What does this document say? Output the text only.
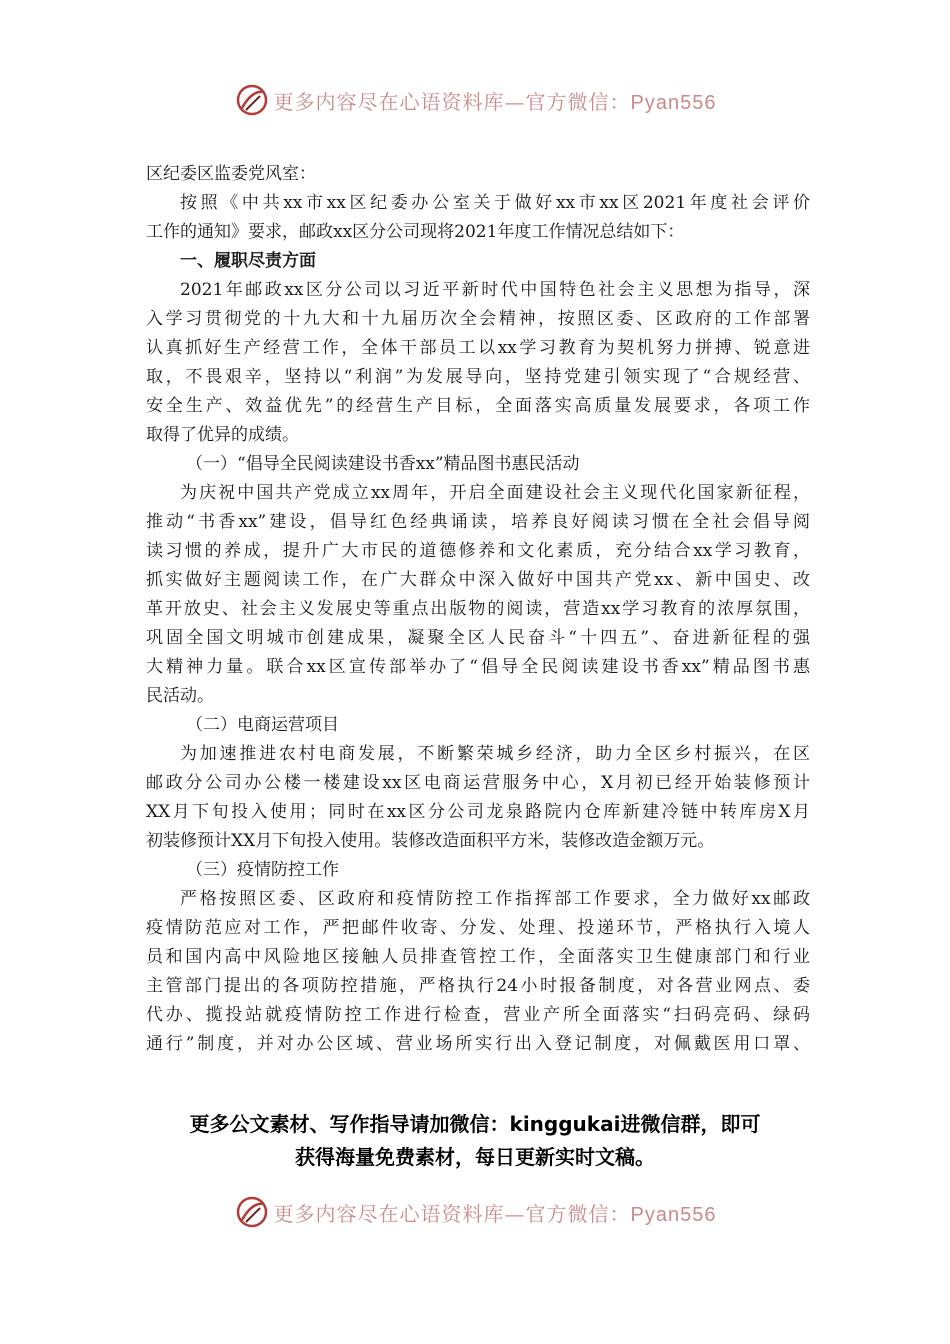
更多内容尽在心语资料库—官方微信：Pyan556
区纪委区监委党风室：
按照《中共xx市xx区纪委办公室关于做好xx市xx区2021年度社会评价
工作的通知》要求，邮政xx区分公司现将2021年度工作情况总结如下：
一、履职尽责方面
2021年邮政xx区分公司以习近平新时代中国特色社会主义思想为指导，深
入学习贯彻党的十九大和十九届历次全会精神，按照区委、区政府的工作部署
认真抓好生产经营工作，全体干部员工以xx学习教育为契机努力拼搏、锐意进
取，不畏艰辛，坚持以“利润”为发展导向，坚持党建引领实现了“合规经营、
安全生产、效益优先”的经营生产目标，全面落实高质量发展要求，各项工作
取得了优异的成绩。
（一）“倡导全民阅读建设书香xx”精品图书惠民活动
为庆祝中国共产党成立xx周年，开启全面建设社会主义现代化国家新征程，
推动“书香xx”建设，倡导红色经典诵读，培养良好阅读习惯在全社会倡导阅
读习惯的养成，提升广大市民的道德修养和文化素质，充分结合xx学习教育，
抓实做好主题阅读工作，在广大群众中深入做好中国共产党xx、新中国史、改
革开放史、社会主义发展史等重点出版物的阅读，营造xx学习教育的浓厚氛围，
巩固全国文明城市创建成果，凝聚全区人民奋斗“十四五”、奋进新征程的强
大精神力量。联合xx区宣传部举办了“倡导全民阅读建设书香xx”精品图书惠
民活动。
（二）电商运营项目
为加速推进农村电商发展，不断繁荣城乡经济，助力全区乡村振兴，在区
邮政分公司办公楼一楼建设xx区电商运营服务中心，X月初已经开始装修预计
XX月下旬投入使用；同时在xx区分公司龙泉路院内仓库新建冷链中转库房X月
初装修预计XX月下旬投入使用。装修改造面积平方米，装修改造金额万元。
（三）疫情防控工作
严格按照区委、区政府和疫情防控工作指挥部工作要求，全力做好xx邮政
疫情防范应对工作，严把邮件收寄、分发、处理、投递环节，严格执行入境人
员和国内高中风险地区接触人员排查管控工作，全面落实卫生健康部门和行业
主管部门提出的各项防控措施，严格执行24小时报备制度，对各营业网点、委
代办、揽投站就疫情防控工作进行检查，营业产所全面落实“扫码亮码、绿码
通行”制度，并对办公区域、营业场所实行出入登记制度，对佩戴医用口罩、
更多公文素材、写作指导请加微信：kinggukai进微信群，即可
获得海量免费素材，每日更新实时文稿。
更多内容尽在心语资料库—官方微信：Pyan556
